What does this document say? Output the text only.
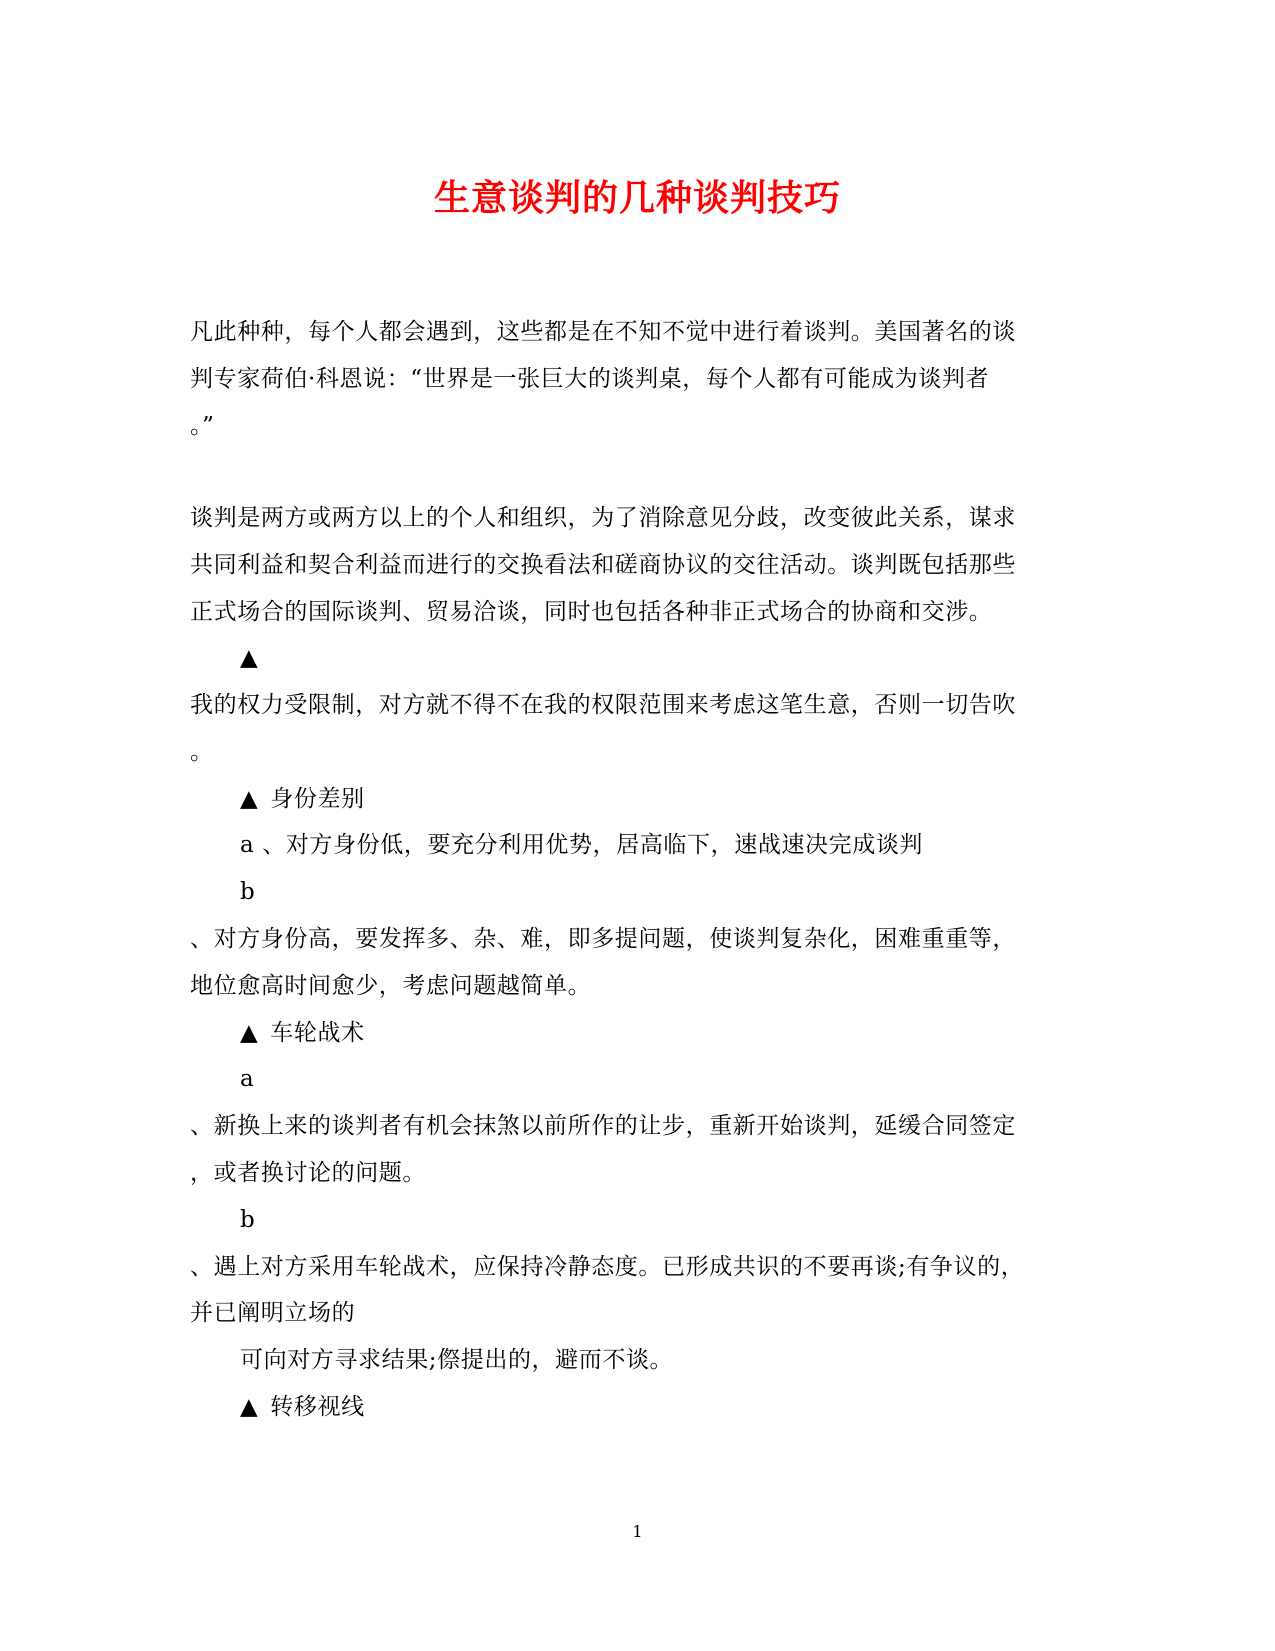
生意谈判的几种谈判技巧
凡此种种，每个人都会遇到，这些都是在不知不觉中进行着谈判。美国著名的谈
判专家荷伯·科恩说：“世界是一张巨大的谈判桌，每个人都有可能成为谈判者
。”
谈判是两方或两方以上的个人和组织，为了消除意见分歧，改变彼此关系，谋求
共同利益和契合利益而进行的交换看法和磋商协议的交往活动。谈判既包括那些
正式场合的国际谈判、贸易洽谈，同时也包括各种非正式场合的协商和交涉。
▲
我的权力受限制，对方就不得不在我的权限范围来考虑这笔生意，否则一切告吹
。
▲ 身份差别
a 、对方身份低，要充分利用优势，居高临下，速战速决完成谈判
b
、对方身份高，要发挥多、杂、难，即多提问题，使谈判复杂化，困难重重等，
地位愈高时间愈少，考虑问题越简单。
▲ 车轮战术
a
、新换上来的谈判者有机会抹煞以前所作的让步，重新开始谈判，延缓合同签定
，或者换讨论的问题。
b
、遇上对方采用车轮战术，应保持冷静态度。已形成共识的不要再谈;有争议的，
并已阐明立场的
可向对方寻求结果;傺提出的，避而不谈。
▲ 转移视线
1
